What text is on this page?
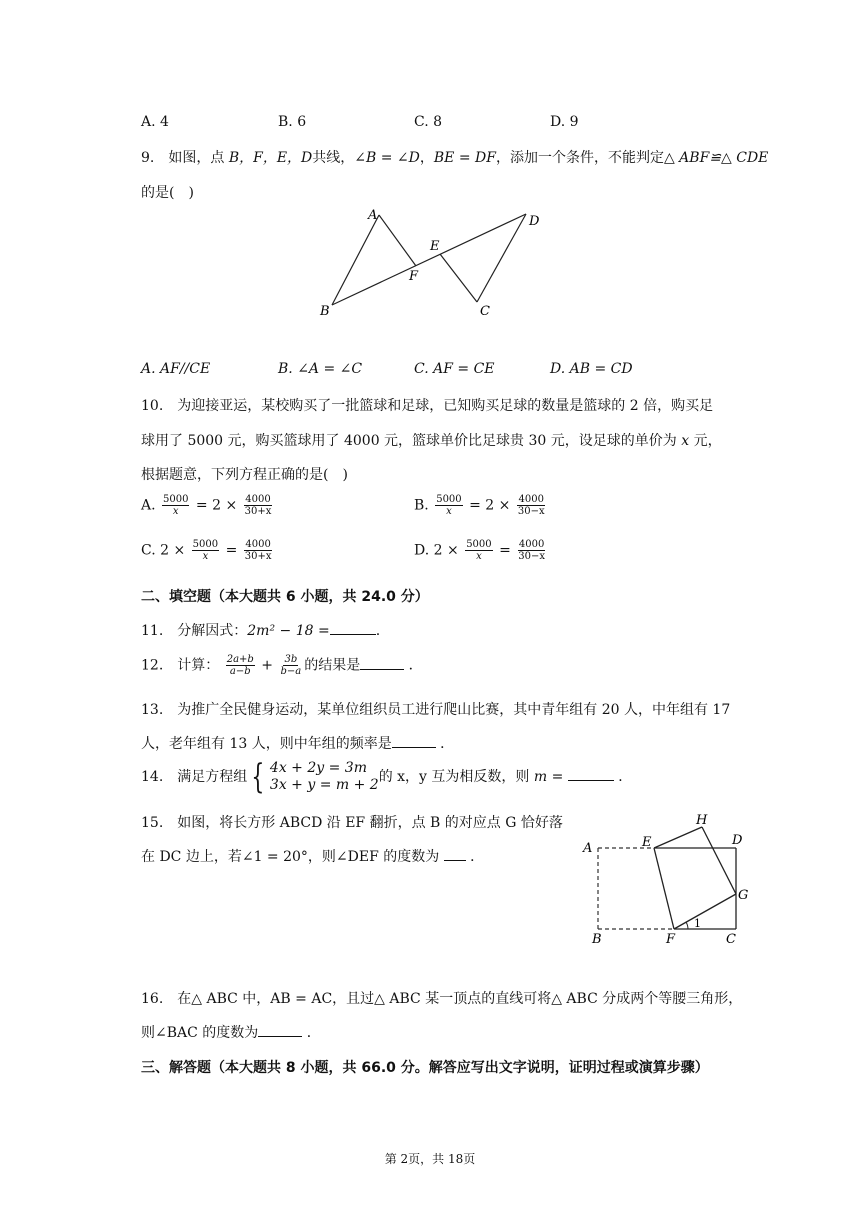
A. 4	B. 6	C. 8	D. 9
9.　如图，点 B，F，E，D共线，∠B = ∠D，BE = DF，添加一个条件，不能判定△ ABF≌△ CDE
的是(　)
A
B
F
E
D
C
A. AF//CE	B. ∠A = ∠C	C. AF = CE	D. AB = CD
10.　为迎接亚运，某校购买了一批篮球和足球，已知购买足球的数量是篮球的 2 倍，购买足
球用了 5000 元，购买篮球用了 4000 元，篮球单价比足球贵 30 元，设足球的单价为 x 元，
根据题意，下列方程正确的是(　)
A. $\frac{5000}{x} = 2 \times \frac{4000}{30+x}$	B. $\frac{5000}{x} = 2 \times \frac{4000}{30-x}$
C. $2 \times \frac{5000}{x} = \frac{4000}{30+x}$	D. $2 \times \frac{5000}{x} = \frac{4000}{30-x}$
二、填空题（本大题共 6 小题，共 24.0 分）
11.　分解因式：2m² − 18 =	.
12.　计算： $\frac{2a+b}{a-b} + \frac{3b}{b-a}$ 的结果是	．
13.　为推广全民健身运动，某单位组织员工进行爬山比赛，其中青年组有 20 人，中年组有 17
人，老年组有 13 人，则中年组的频率是	．
14.　满足方程组 { 4x + 2y = 3m
3x + y = m + 2 的 x，y 互为相反数，则 m =	．
15.　如图，将长方形 ABCD 沿 EF 翻折，点 B 的对应点 G 恰好落
在 DC 边上，若∠1 = 20°，则∠DEF 的度数为 ．
A	E
H
D
G
B	F	C
1
16.　在△ ABC 中，AB = AC，且过△ ABC 某一顶点的直线可将△ ABC 分成两个等腰三角形，
则∠BAC 的度数为	．
三、解答题（本大题共 8 小题，共 66.0 分。解答应写出文字说明，证明过程或演算步骤）
第 2页，共 18页
